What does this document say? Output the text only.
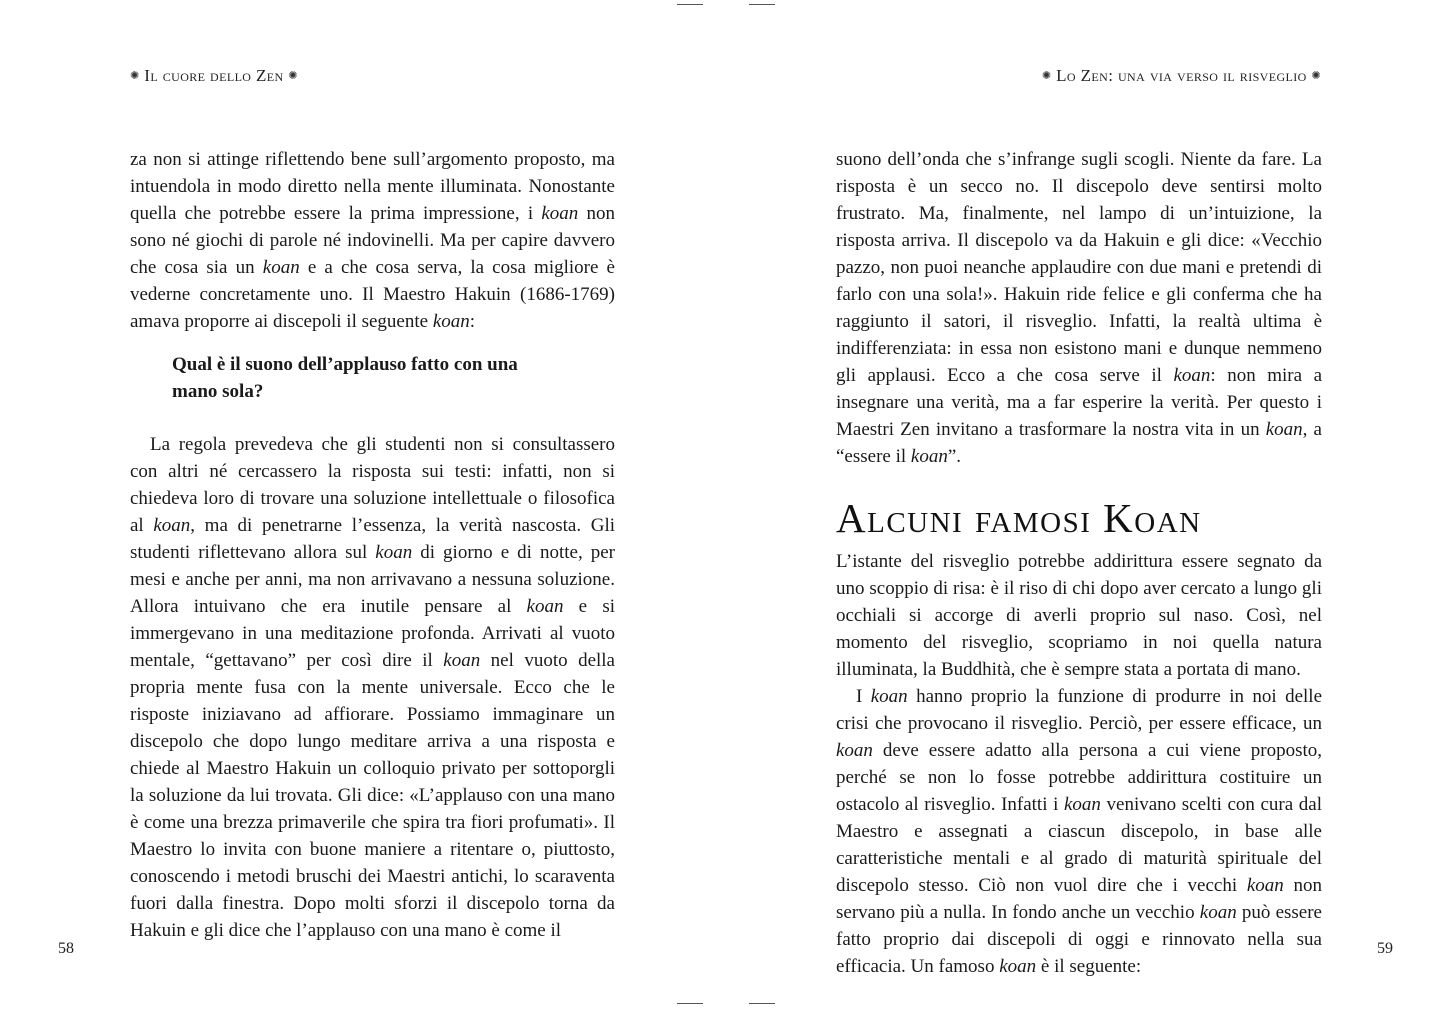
✺ Il cuore dello Zen ✺

za non si attinge riflettendo bene sull’argomento proposto, ma intuendola in modo diretto nella mente illuminata. Nonostante quella che potrebbe essere la prima impressione, i koan non sono né giochi di parole né indovinelli. Ma per capire davvero che cosa sia un koan e a che cosa serva, la cosa migliore è vederne concretamente uno. Il Maestro Hakuin (1686-1769) amava proporre ai discepoli il seguente koan:

Qual è il suono dell’applauso fatto con una mano sola?

La regola prevedeva che gli studenti non si consultassero con altri né cercassero la risposta sui testi: infatti, non si chiedeva loro di trovare una soluzione intellettuale o filosofica al koan, ma di penetrarne l’essenza, la verità nascosta. Gli studenti riflettevano allora sul koan di giorno e di notte, per mesi e anche per anni, ma non arrivavano a nessuna soluzione. Allora intuivano che era inutile pensare al koan e si immergevano in una meditazione profonda. Arrivati al vuoto mentale, “gettavano” per così dire il koan nel vuoto della propria mente fusa con la mente universale. Ecco che le risposte iniziavano ad affiorare. Possiamo immaginare un discepolo che dopo lungo meditare arriva a una risposta e chiede al Maestro Hakuin un colloquio privato per sottoporgli la soluzione da lui trovata. Gli dice: «L’applauso con una mano è come una brezza primaverile che spira tra fiori profumati». Il Maestro lo invita con buone maniere a ritentare o, piuttosto, conoscendo i metodi bruschi dei Maestri antichi, lo scaraventa fuori dalla finestra. Dopo molti sforzi il discepolo torna da Hakuin e gli dice che l’applauso con una mano è come il

58
✺ Lo Zen: una via verso il risveglio ✺

suono dell’onda che s’infrange sugli scogli. Niente da fare. La risposta è un secco no. Il discepolo deve sentirsi molto frustrato. Ma, finalmente, nel lampo di un’intuizione, la risposta arriva. Il discepolo va da Hakuin e gli dice: «Vecchio pazzo, non puoi neanche applaudire con due mani e pretendi di farlo con una sola!». Hakuin ride felice e gli conferma che ha raggiunto il satori, il risveglio. Infatti, la realtà ultima è indifferenziata: in essa non esistono mani e dunque nemmeno gli applausi. Ecco a che cosa serve il koan: non mira a insegnare una verità, ma a far esperire la verità. Per questo i Maestri Zen invitano a trasformare la nostra vita in un koan, a “essere il koan”.

Alcuni famosi Koan

L’istante del risveglio potrebbe addirittura essere segnato da uno scoppio di risa: è il riso di chi dopo aver cercato a lungo gli occhiali si accorge di averli proprio sul naso. Così, nel momento del risveglio, scopriamo in noi quella natura illuminata, la Buddhità, che è sempre stata a portata di mano.

I koan hanno proprio la funzione di produrre in noi delle crisi che provocano il risveglio. Perciò, per essere efficace, un koan deve essere adatto alla persona a cui viene proposto, perché se non lo fosse potrebbe addirittura costituire un ostacolo al risveglio. Infatti i koan venivano scelti con cura dal Maestro e assegnati a ciascun discepolo, in base alle caratteristiche mentali e al grado di maturità spirituale del discepolo stesso. Ciò non vuol dire che i vecchi koan non servano più a nulla. In fondo anche un vecchio koan può essere fatto proprio dai discepoli di oggi e rinnovato nella sua efficacia. Un famoso koan è il seguente:

59
